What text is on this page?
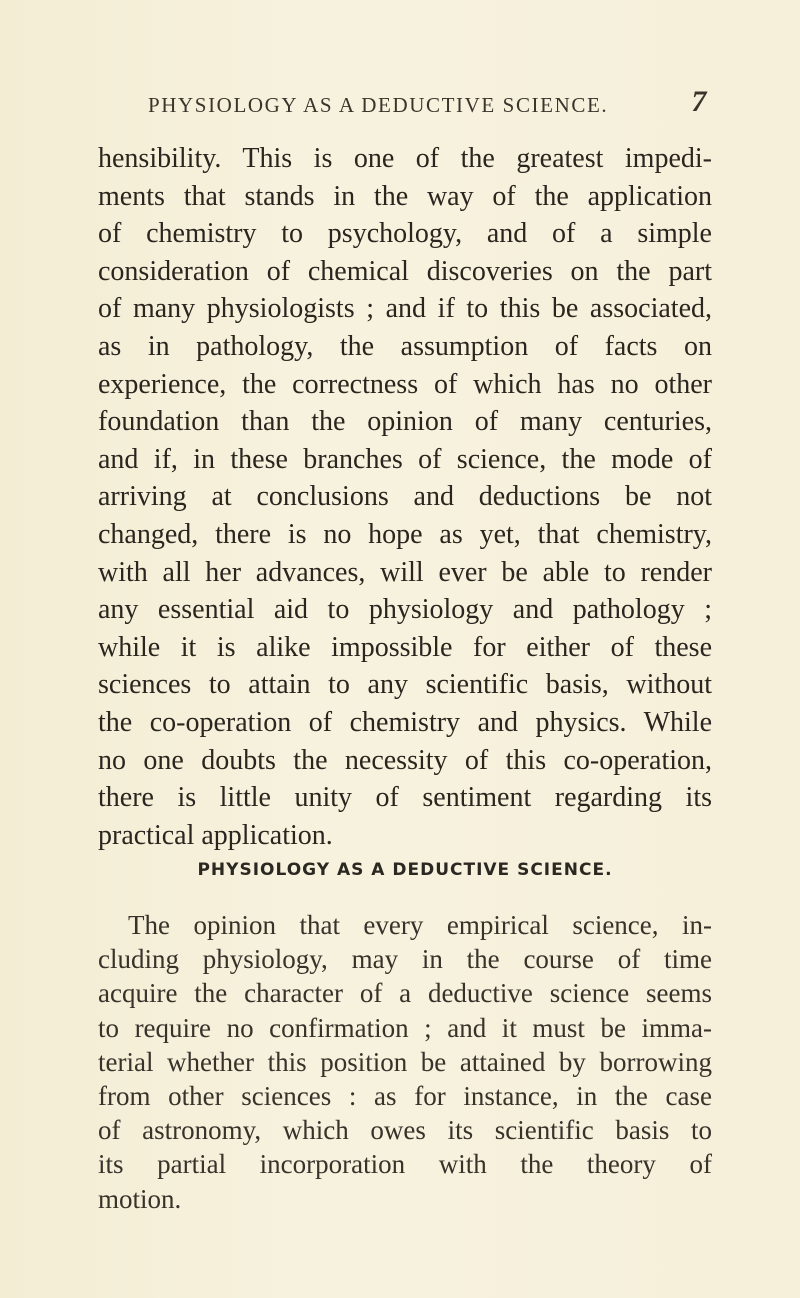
PHYSIOLOGY AS A DEDUCTIVE SCIENCE.	7
hensibility. This is one of the greatest impedi-
ments that stands in the way of the application
of chemistry to psychology, and of a simple
consideration of chemical discoveries on the part
of many physiologists ; and if to this be associated,
as in pathology, the assumption of facts on
experience, the correctness of which has no other
foundation than the opinion of many centuries,
and if, in these branches of science, the mode of
arriving at conclusions and deductions be not
changed, there is no hope as yet, that chemistry,
with all her advances, will ever be able to render
any essential aid to physiology and pathology ;
while it is alike impossible for either of these
sciences to attain to any scientific basis, without
the co-operation of chemistry and physics. While
no one doubts the necessity of this co-operation,
there is little unity of sentiment regarding its
practical application.
PHYSIOLOGY AS A DEDUCTIVE SCIENCE.
The opinion that every empirical science, in-
cluding physiology, may in the course of time
acquire the character of a deductive science seems
to require no confirmation ; and it must be imma-
terial whether this position be attained by borrowing
from other sciences : as for instance, in the case
of astronomy, which owes its scientific basis to
its partial incorporation with the theory of
motion.
